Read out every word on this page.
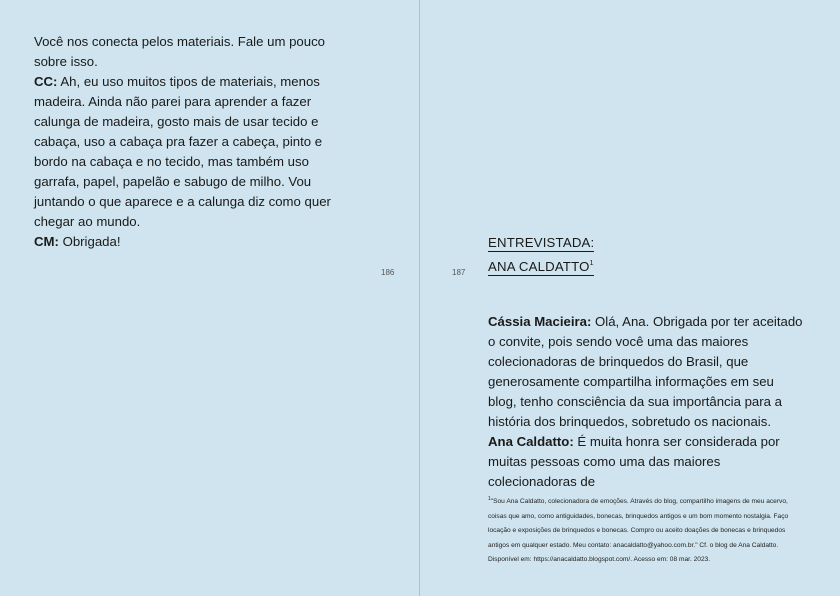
Você nos conecta pelos materiais. Fale um pouco sobre isso.

CC: Ah, eu uso muitos tipos de materiais, menos madeira. Ainda não parei para aprender a fazer calunga de madeira, gosto mais de usar tecido e cabaça, uso a cabaça pra fazer a cabeça, pinto e bordo na cabaça e no tecido, mas também uso garrafa, papel, papelão e sabugo de milho. Vou juntando o que aparece e a calunga diz como quer chegar ao mundo.

CM: Obrigada!

186	187
ENTREVISTADA:
ANA CALDATTO$^1$

Cássia Macieira: Olá, Ana. Obrigada por ter aceitado o convite, pois sendo você uma das maiores colecionadoras de brinquedos do Brasil, que generosamente compartilha informações em seu blog, tenho consciência da sua importância para a história dos brinquedos, sobretudo os nacionais.

Ana Caldatto: É muita honra ser considerada por muitas pessoas como uma das maiores colecionadoras de

$^1$"Sou Ana Caldatto, colecionadora de emoções. Através do blog, compartilho imagens de meu acervo, coisas que amo, como antiguidades, bonecas, brinquedos antigos e um bom momento nostalgia. Faço locação e exposições de brinquedos e bonecas. Compro ou aceito doações de bonecas e brinquedos antigos em qualquer estado. Meu contato: anacaldatto@yahoo.com.br." Cf. o blog de Ana Caldatto. Disponível em: https://anacaldatto.blogspot.com/. Acesso em: 08 mar. 2023.
